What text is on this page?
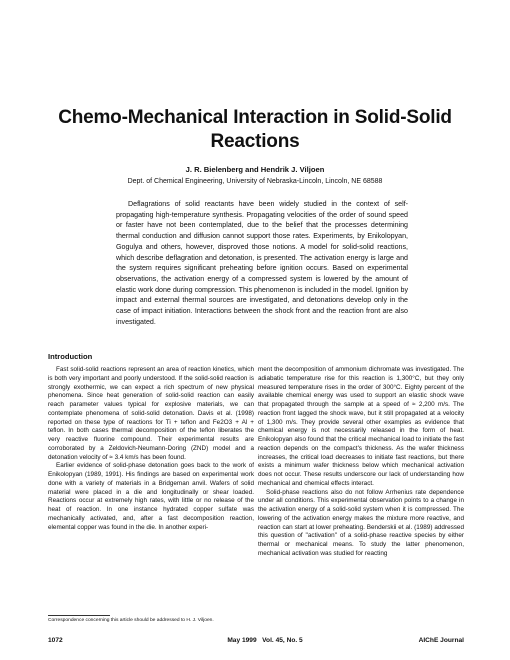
Chemo-Mechanical Interaction in Solid-Solid Reactions
J. R. Bielenberg and Hendrik J. Viljoen
Dept. of Chemical Engineering, University of Nebraska-Lincoln, Lincoln, NE 68588

Deflagrations of solid reactants have been widely studied in the context of self-propagating high-temperature synthesis. Propagating velocities of the order of sound speed or faster have not been contemplated, due to the belief that the processes determining thermal conduction and diffusion cannot support those rates. Experiments, by Enikolopyan, Gogulya and others, however, disproved those notions. A model for solid-solid reactions, which describe deflagration and detonation, is presented. The activation energy is large and the system requires significant preheating before ignition occurs. Based on experimental observations, the activation energy of a compressed system is lowered by the amount of elastic work done during compression. This phenomenon is included in the model. Ignition by impact and external thermal sources are investigated, and detonations develop only in the case of impact initiation. Interactions between the shock front and the reaction front are also investigated.

Introduction

Fast solid-solid reactions represent an area of reaction kinetics, which is both very important and poorly understood. If the solid-solid reaction is strongly exothermic, we can expect a rich spectrum of new physical phenomena. Since heat generation of solid-solid reaction can easily reach parameter values typical for explosive materials, we can contemplate phenomena of solid-solid detonation. Davis et al. (1998) reported on these type of reactions for Ti + teflon and Fe2O3 + Al + teflon. In both cases thermal decomposition of the teflon liberates the very reactive fluorine compound. Their experimental results are corroborated by a Zeldovich-Neumann-Doring (ZND) model and a detonation velocity of ≈ 3.4 km/s has been found.

Earlier evidence of solid-phase detonation goes back to the work of Enikolopyan (1989, 1991). His findings are based on experimental work done with a variety of materials in a Bridgeman anvil. Wafers of solid material were placed in a die and longitudinally or shear loaded. Reactions occur at extremely high rates, with little or no release of the heat of reaction. In one instance hydrated copper sulfate was mechanically activated, and, after a fast decomposition reaction, elemental copper was found in the die. In another experi-

ment the decomposition of ammonium dichromate was investigated. The adiabatic temperature rise for this reaction is 1,300°C, but they only measured temperature rises in the order of 300°C. Eighty percent of the available chemical energy was used to support an elastic shock wave that propagated through the sample at a speed of ≈ 2,200 m/s. The reaction front lagged the shock wave, but it still propagated at a velocity of 1,300 m/s. They provide several other examples as evidence that chemical energy is not necessarily released in the form of heat. Enikolopyan also found that the critical mechanical load to initiate the fast reaction depends on the compact's thickness. As the wafer thickness increases, the critical load decreases to initiate fast reactions, but there exists a minimum wafer thickness below which mechanical activation does not occur. These results underscore our lack of understanding how mechanical and chemical effects interact.

Solid-phase reactions also do not follow Arrhenius rate dependence under all conditions. This experimental observation points to a change in the activation energy of a solid-solid system when it is compressed. The lowering of the activation energy makes the mixture more reactive, and reaction can start at lower preheating. Benderskii et al. (1989) addressed this question of ''activation'' of a solid-phase reactive species by either thermal or mechanical means. To study the latter phenomenon, mechanical activation was studied for reacting

Correspondence concerning this article should be addressed to H. J. Viljoen.
1072	May 1999   Vol. 45, No. 5	AIChE Journal
